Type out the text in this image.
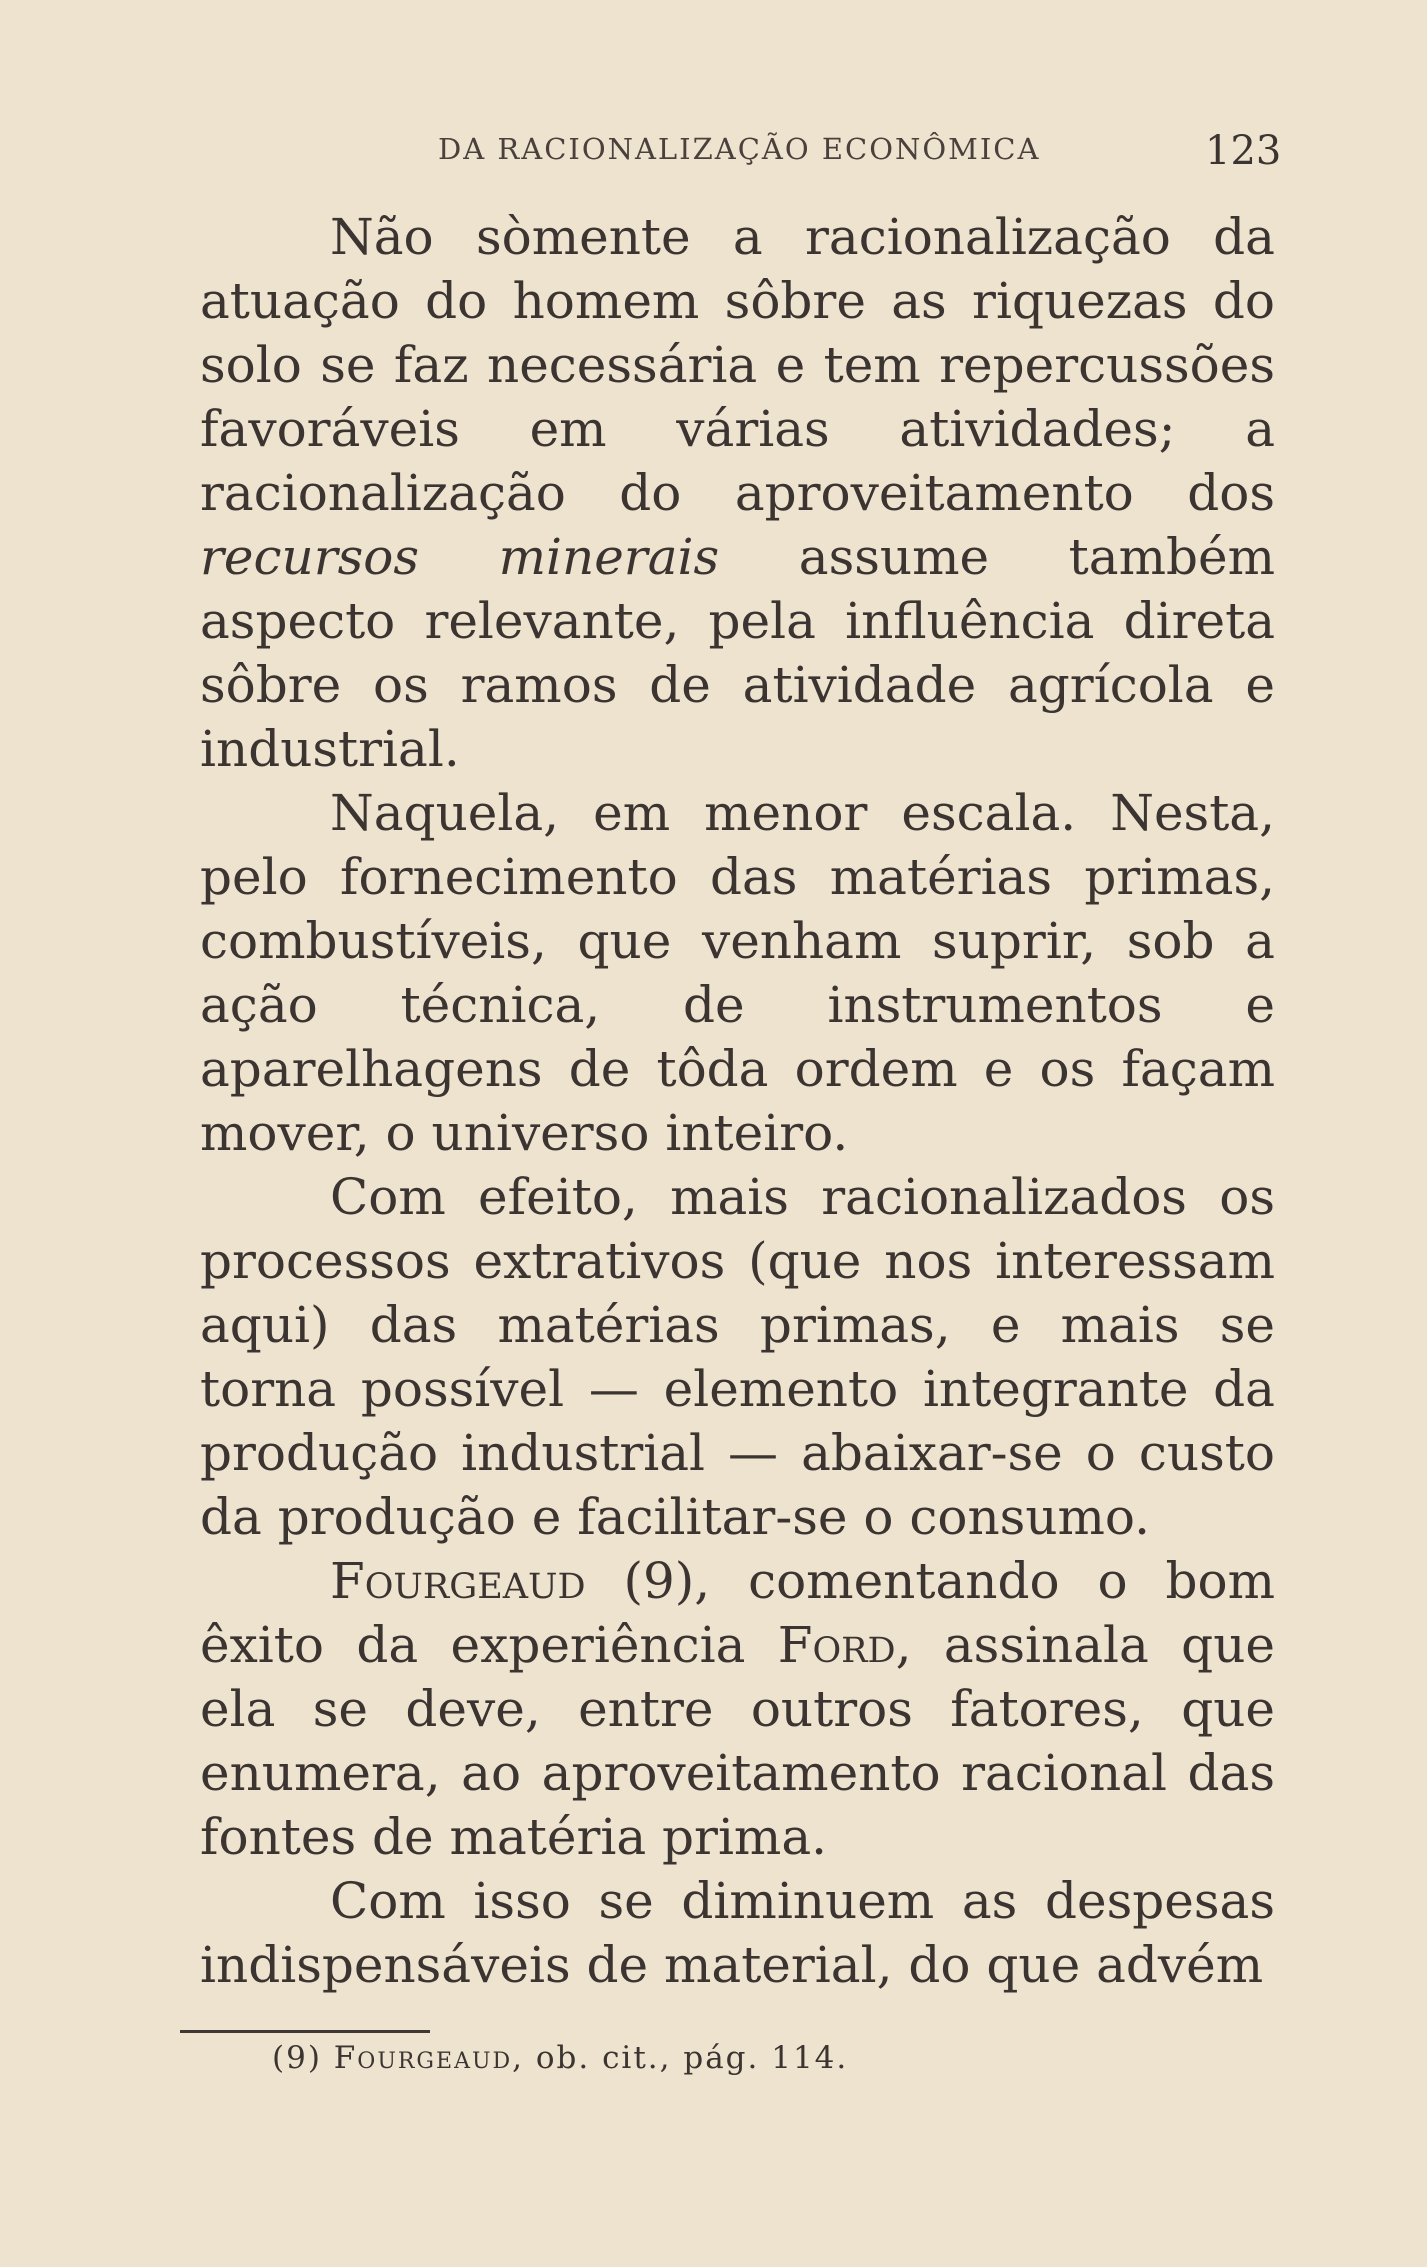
DA RACIONALIZAÇÃO ECONÔMICA	123

Não sòmente a racionalização da atuação do homem sôbre as riquezas do solo se faz necessária e tem repercussões favoráveis em várias atividades; a racionalização do aproveitamento dos recursos minerais assume também aspecto relevante, pela influência direta sôbre os ramos de atividade agrícola e industrial.

Naquela, em menor escala. Nesta, pelo fornecimento das matérias primas, combustíveis, que venham suprir, sob a ação técnica, de instrumentos e aparelhagens de tôda ordem e os façam mover, o universo inteiro.

Com efeito, mais racionalizados os processos extrativos (que nos interessam aqui) das matérias primas, e mais se torna possível — elemento integrante da produção industrial — abaixar-se o custo da produção e facilitar-se o consumo.

Fourgeaud (9), comentando o bom êxito da experiência Ford, assinala que ela se deve, entre outros fatores, que enumera, ao aproveitamento racional das fontes de matéria prima.

Com isso se diminuem as despesas indispensáveis de material, do que advém

(9) Fourgeaud, ob. cit., pág. 114.
